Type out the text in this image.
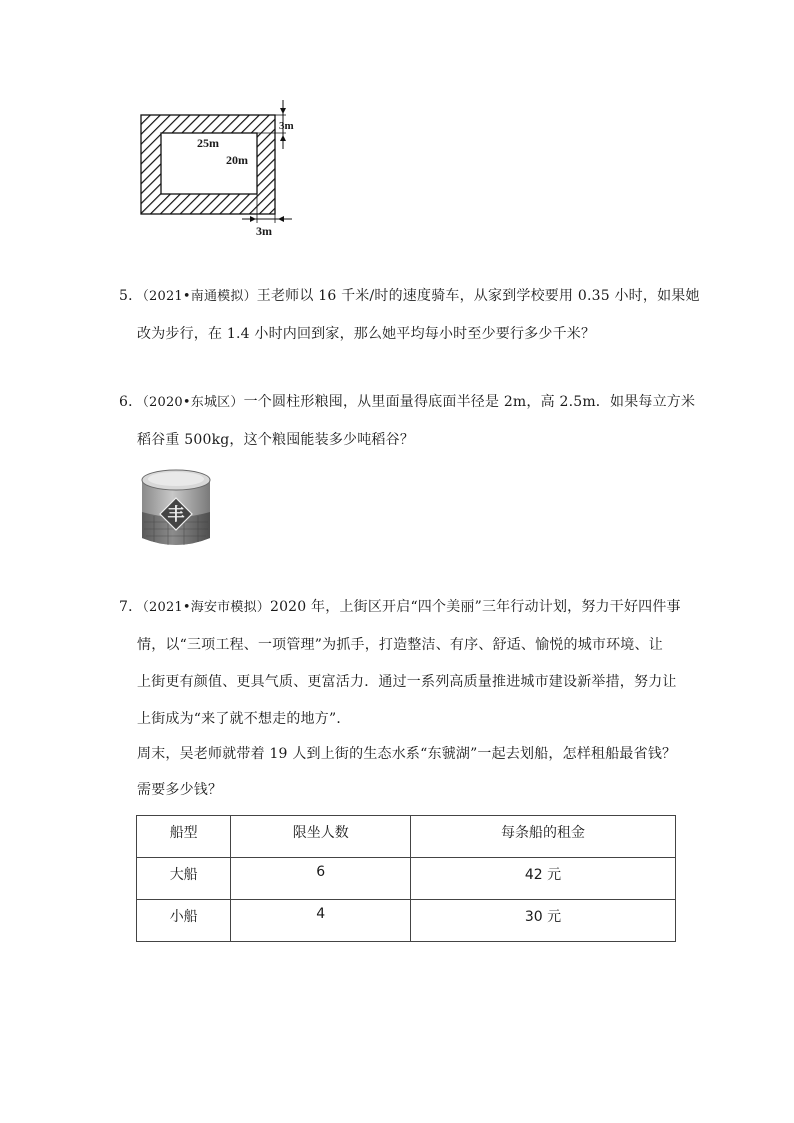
25m
20m
3m
3m
5．（2021•南通模拟）王老师以 16 千米/时的速度骑车，从家到学校要用 0.35 小时，如果她
改为步行，在 1.4 小时内回到家，那么她平均每小时至少要行多少千米？
6．（2020•东城区）一个圆柱形粮囤，从里面量得底面半径是 2m，高 2.5m．如果每立方米
稻谷重 500kg，这个粮囤能装多少吨稻谷？
丰
7．（2021•海安市模拟）2020 年，上街区开启“四个美丽”三年行动计划，努力干好四件事
情，以“三项工程、一项管理”为抓手，打造整洁、有序、舒适、愉悦的城市环境、让
上街更有颜值、更具气质、更富活力．通过一系列高质量推进城市建设新举措，努力让
上街成为“来了就不想走的地方”．
周末，吴老师就带着 19 人到上街的生态水系“东虢湖”一起去划船，怎样租船最省钱？
需要多少钱？
船型	限坐人数	每条船的租金
大船	6	42 元
小船	4	30 元
